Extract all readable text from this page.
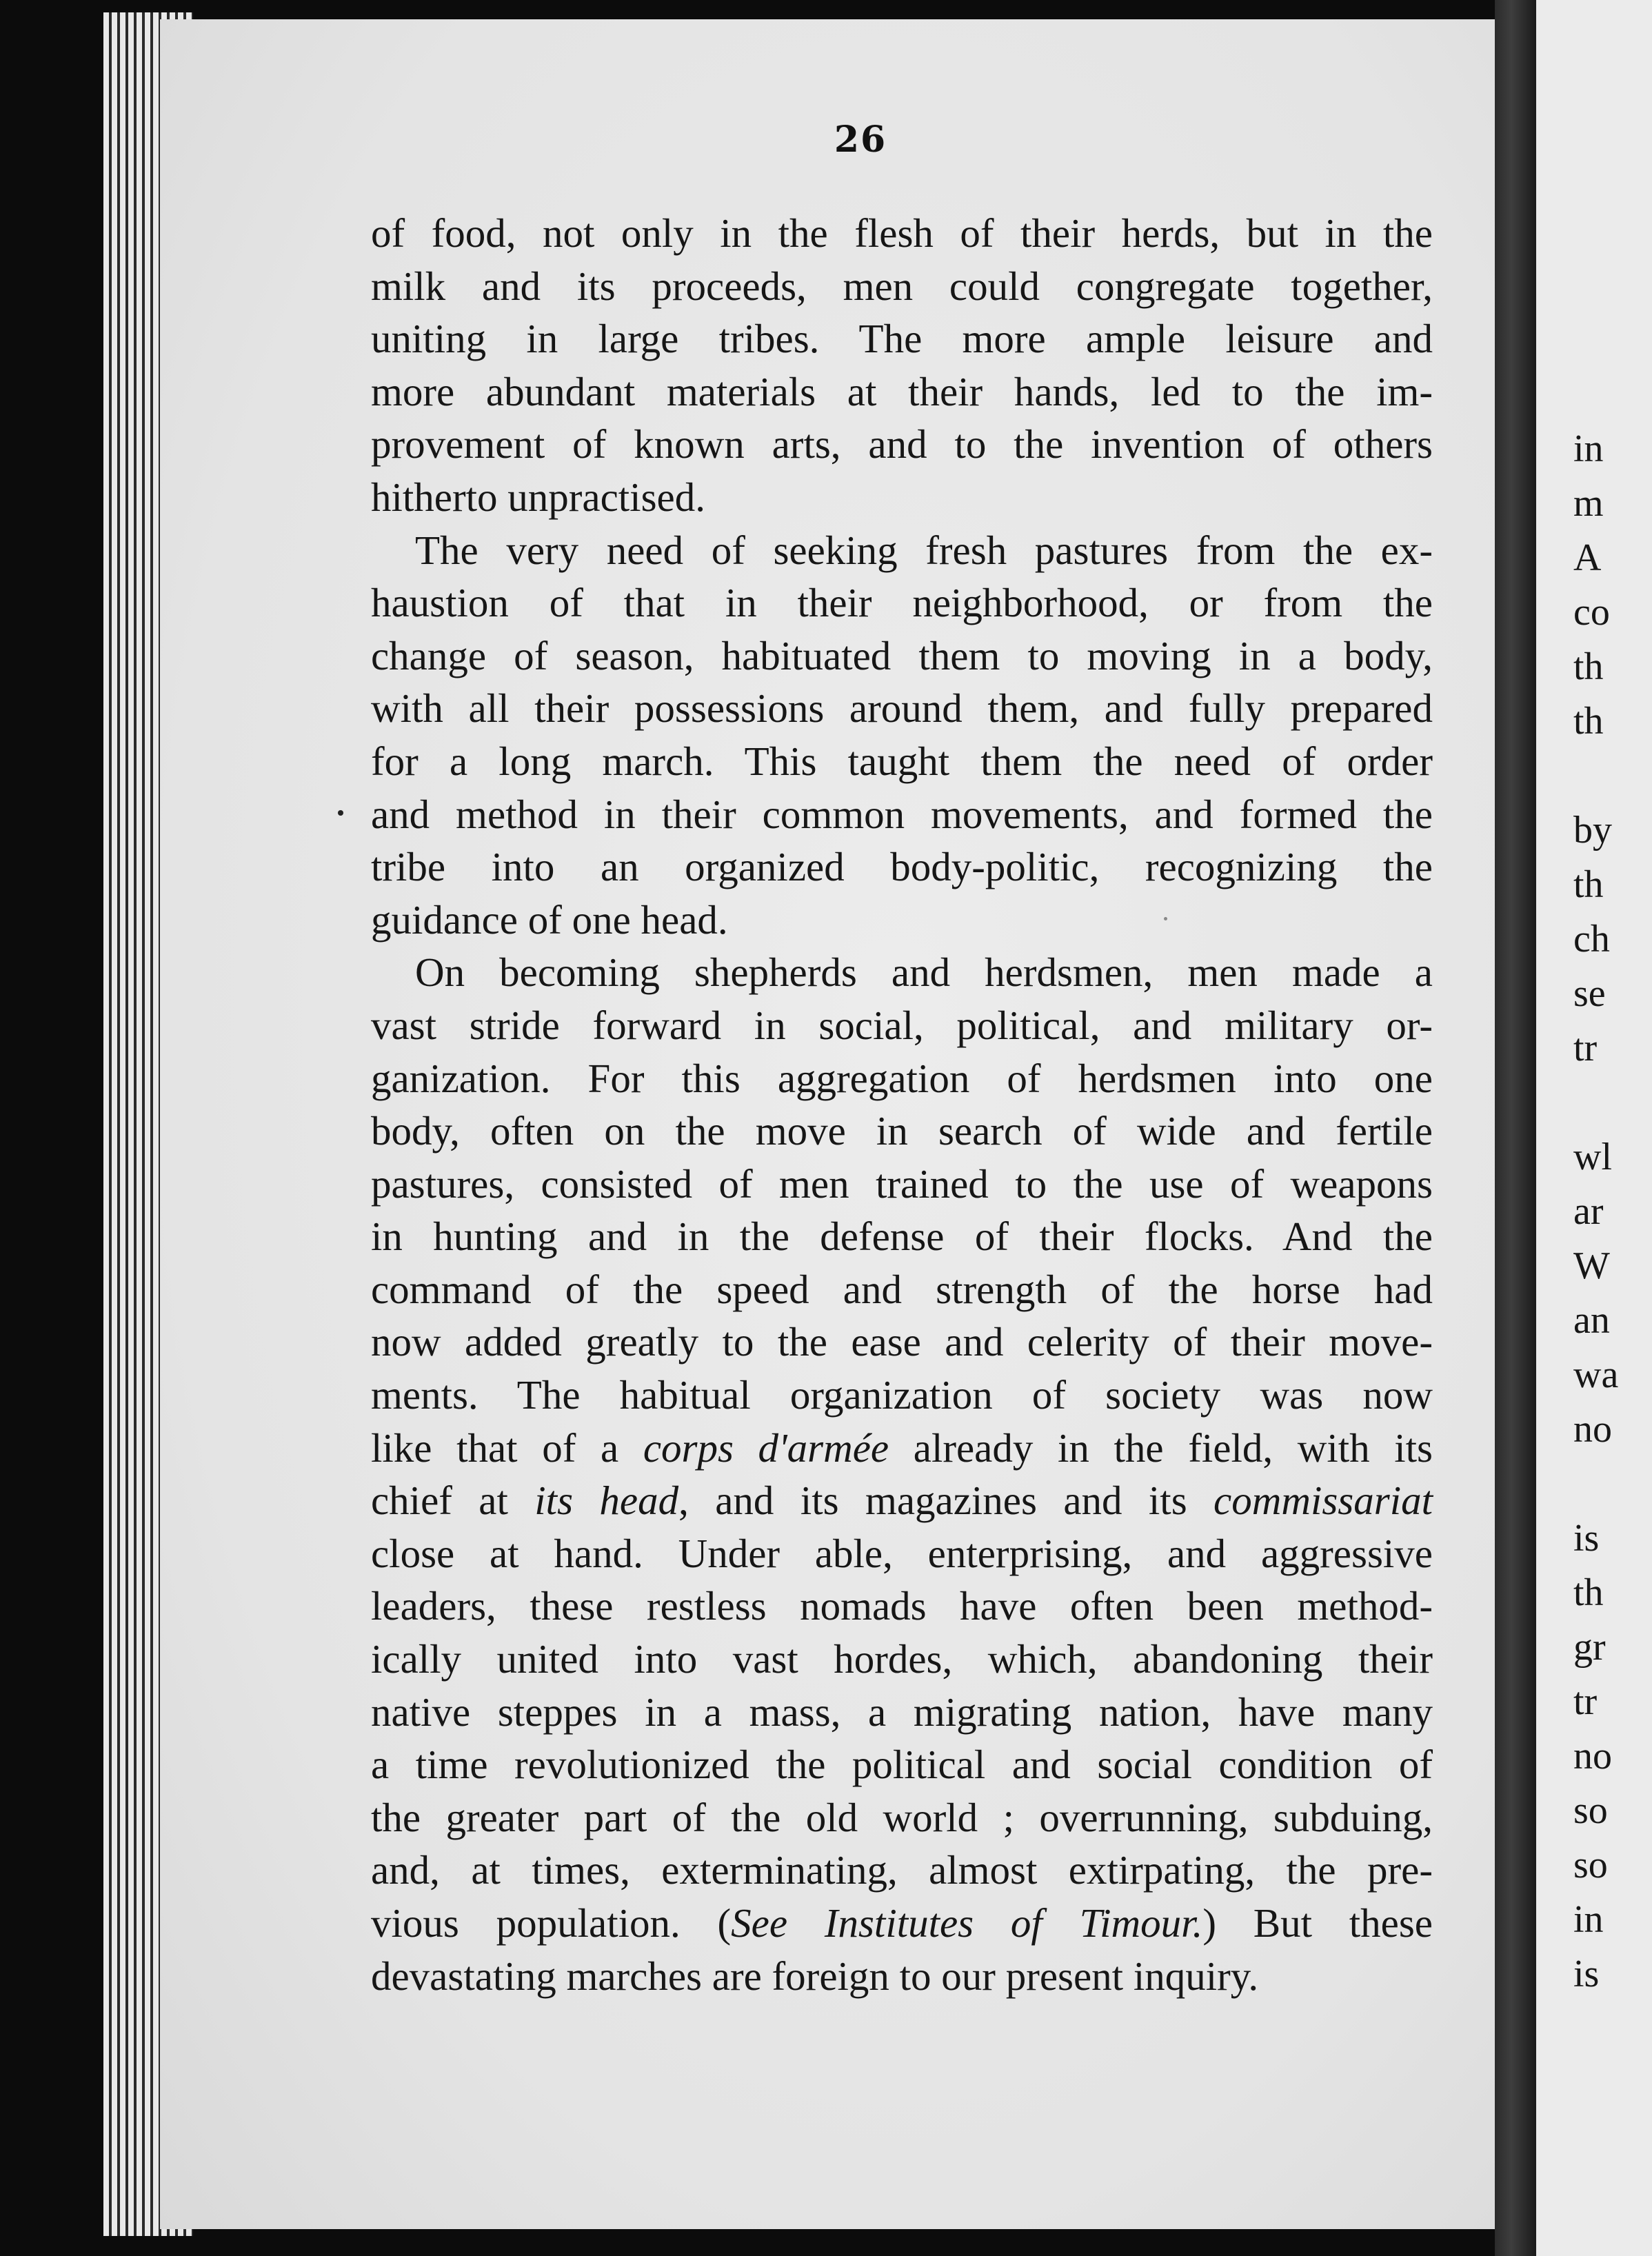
26
of food, not only in the flesh of their herds, but in the
milk and its proceeds, men could congregate together,
uniting in large tribes. The more ample leisure and
more abundant materials at their hands, led to the im-
provement of known arts, and to the invention of others
hitherto unpractised.
The very need of seeking fresh pastures from the ex-
haustion of that in their neighborhood, or from the
change of season, habituated them to moving in a body,
with all their possessions around them, and fully prepared
for a long march. This taught them the need of order
and method in their common movements, and formed the
tribe into an organized body-politic, recognizing the
guidance of one head.
On becoming shepherds and herdsmen, men made a
vast stride forward in social, political, and military or-
ganization. For this aggregation of herdsmen into one
body, often on the move in search of wide and fertile
pastures, consisted of men trained to the use of weapons
in hunting and in the defense of their flocks. And the
command of the speed and strength of the horse had
now added greatly to the ease and celerity of their move-
ments. The habitual organization of society was now
like that of a corps d'armée already in the field, with its
chief at its head, and its magazines and its commissariat
close at hand. Under able, enterprising, and aggressive
leaders, these restless nomads have often been method-
ically united into vast hordes, which, abandoning their
native steppes in a mass, a migrating nation, have many
a time revolutionized the political and social condition of
the greater part of the old world ; overrunning, subduing,
and, at times, exterminating, almost extirpating, the pre-
vious population. (See Institutes of Timour.) But these
devastating marches are foreign to our present inquiry.
in
m
A
co
th
th
by
th
ch
se
tr
wl
ar
W
an
wa
no
is
th
gr
tr
no
so
so
in
is
